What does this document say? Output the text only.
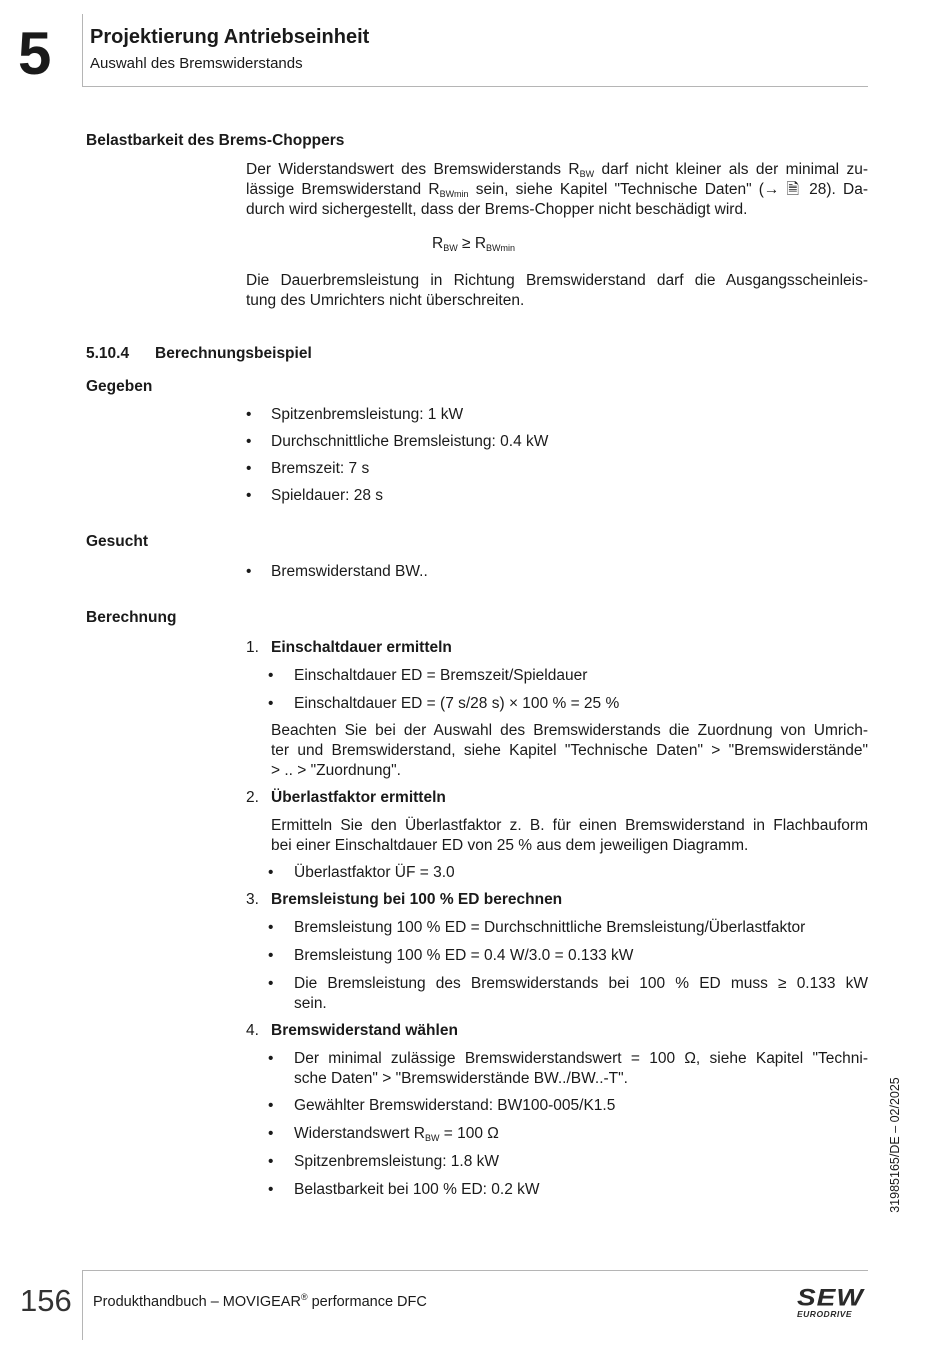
5 Projektierung Antriebseinheit
Auswahl des Bremswiderstands
Belastbarkeit des Brems-Choppers
Der Widerstandswert des Bremswiderstands $R_{BW}$ darf nicht kleiner als der minimal zu-
lässige Bremswiderstand $R_{BWmin}$ sein, siehe Kapitel "Technische Daten" (→ 🗎 28). Da-
durch wird sichergestellt, dass der Brems-Chopper nicht beschädigt wird.
$R_{BW} \ge R_{BWmin}$
Die Dauerbremsleistung in Richtung Bremswiderstand darf die Ausgangsscheinleis-
tung des Umrichters nicht überschreiten.
5.10.4 Berechnungsbeispiel
Gegeben
• Spitzenbremsleistung: 1 kW
• Durchschnittliche Bremsleistung: 0.4 kW
• Bremszeit: 7 s
• Spieldauer: 28 s
Gesucht
• Bremswiderstand BW..
Berechnung
1. Einschaltdauer ermitteln
• Einschaltdauer ED = Bremszeit/Spieldauer
• Einschaltdauer ED = (7 s/28 s) × 100 % = 25 %
Beachten Sie bei der Auswahl des Bremswiderstands die Zuordnung von Umrich-
ter und Bremswiderstand, siehe Kapitel "Technische Daten" > "Bremswiderstände"
> .. > "Zuordnung".
2. Überlastfaktor ermitteln
Ermitteln Sie den Überlastfaktor z. B. für einen Bremswiderstand in Flachbauform
bei einer Einschaltdauer ED von 25 % aus dem jeweiligen Diagramm.
• Überlastfaktor ÜF = 3.0
3. Bremsleistung bei 100 % ED berechnen
• Bremsleistung 100 % ED = Durchschnittliche Bremsleistung/Überlastfaktor
• Bremsleistung 100 % ED = 0.4 W/3.0 = 0.133 kW
• Die Bremsleistung des Bremswiderstands bei 100 % ED muss ≥ 0.133 kW
sein.
4. Bremswiderstand wählen
• Der minimal zulässige Bremswiderstandswert = 100 Ω, siehe Kapitel "Techni-
sche Daten" > "Bremswiderstände BW../BW..-T".
• Gewählter Bremswiderstand: BW100-005/K1.5
• Widerstandswert $R_{BW} = 100$ Ω
• Spitzenbremsleistung: 1.8 kW
• Belastbarkeit bei 100 % ED: 0.2 kW	31985165/DE – 02/2025
156 Produkthandbuch – MOVIGEAR® performance DFC	SEW
EURODRIVE
